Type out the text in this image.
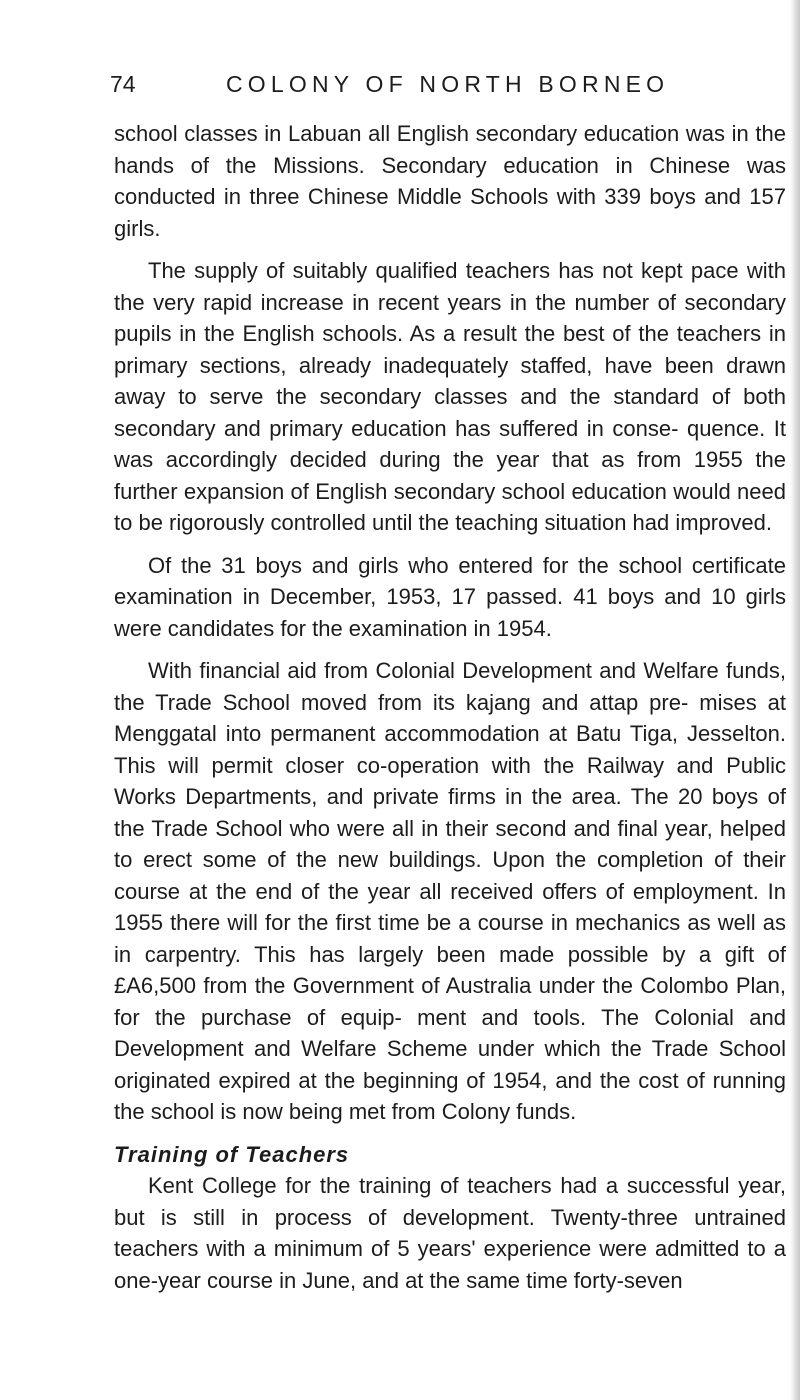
74	COLONY OF NORTH BORNEO

school classes in Labuan all English secondary education was in the hands of the Missions. Secondary education in Chinese was conducted in three Chinese Middle Schools with 339 boys and 157 girls.

The supply of suitably qualified teachers has not kept pace with the very rapid increase in recent years in the number of secondary pupils in the English schools. As a result the best of the teachers in primary sections, already inadequately staffed, have been drawn away to serve the secondary classes and the standard of both secondary and primary education has suffered in conse- quence. It was accordingly decided during the year that as from 1955 the further expansion of English secondary school education would need to be rigorously controlled until the teaching situation had improved.

Of the 31 boys and girls who entered for the school certificate examination in December, 1953, 17 passed. 41 boys and 10 girls were candidates for the examination in 1954.

With financial aid from Colonial Development and Welfare funds, the Trade School moved from its kajang and attap pre- mises at Menggatal into permanent accommodation at Batu Tiga, Jesselton. This will permit closer co-operation with the Railway and Public Works Departments, and private firms in the area. The 20 boys of the Trade School who were all in their second and final year, helped to erect some of the new buildings. Upon the completion of their course at the end of the year all received offers of employment. In 1955 there will for the first time be a course in mechanics as well as in carpentry. This has largely been made possible by a gift of £A6,500 from the Government of Australia under the Colombo Plan, for the purchase of equip- ment and tools. The Colonial and Development and Welfare Scheme under which the Trade School originated expired at the beginning of 1954, and the cost of running the school is now being met from Colony funds.

Training of Teachers

Kent College for the training of teachers had a successful year, but is still in process of development. Twenty-three untrained teachers with a minimum of 5 years' experience were admitted to a one-year course in June, and at the same time forty-seven
